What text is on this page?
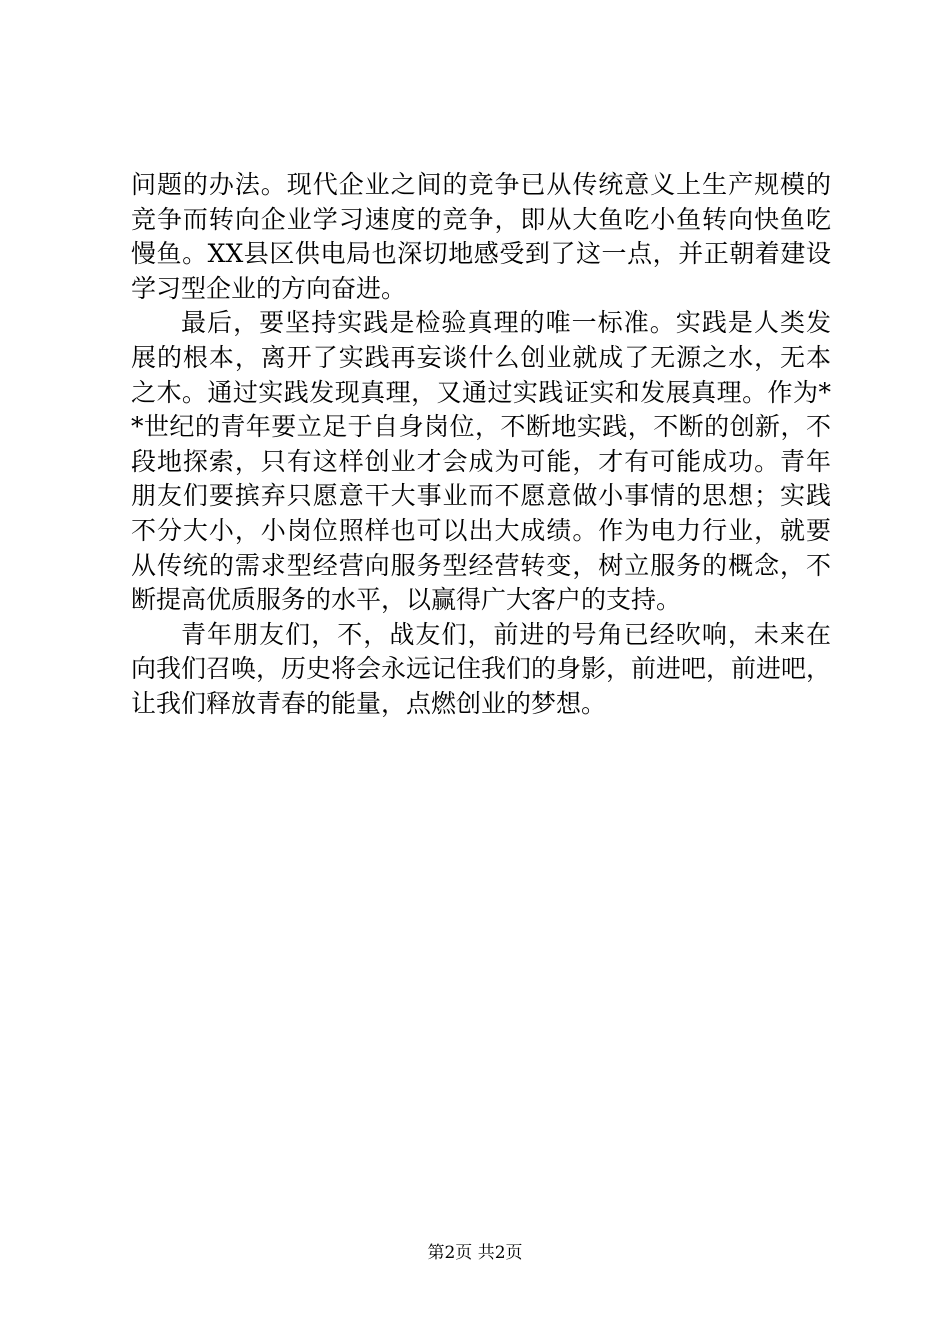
问题的办法。现代企业之间的竞争已从传统意义上生产规模的
竞争而转向企业学习速度的竞争，即从大鱼吃小鱼转向快鱼吃
慢鱼。XX县区供电局也深切地感受到了这一点，并正朝着建设
学习型企业的方向奋进。
最后，要坚持实践是检验真理的唯一标准。实践是人类发
展的根本，离开了实践再妄谈什么创业就成了无源之水，无本
之木。通过实践发现真理，又通过实践证实和发展真理。作为*
*世纪的青年要立足于自身岗位，不断地实践，不断的创新，不
段地探索，只有这样创业才会成为可能，才有可能成功。青年
朋友们要摈弃只愿意干大事业而不愿意做小事情的思想；实践
不分大小，小岗位照样也可以出大成绩。作为电力行业，就要
从传统的需求型经营向服务型经营转变，树立服务的概念，不
断提高优质服务的水平，以赢得广大客户的支持。
青年朋友们，不，战友们，前进的号角已经吹响，未来在
向我们召唤，历史将会永远记住我们的身影，前进吧，前进吧，
让我们释放青春的能量，点燃创业的梦想。
第2页 共2页
